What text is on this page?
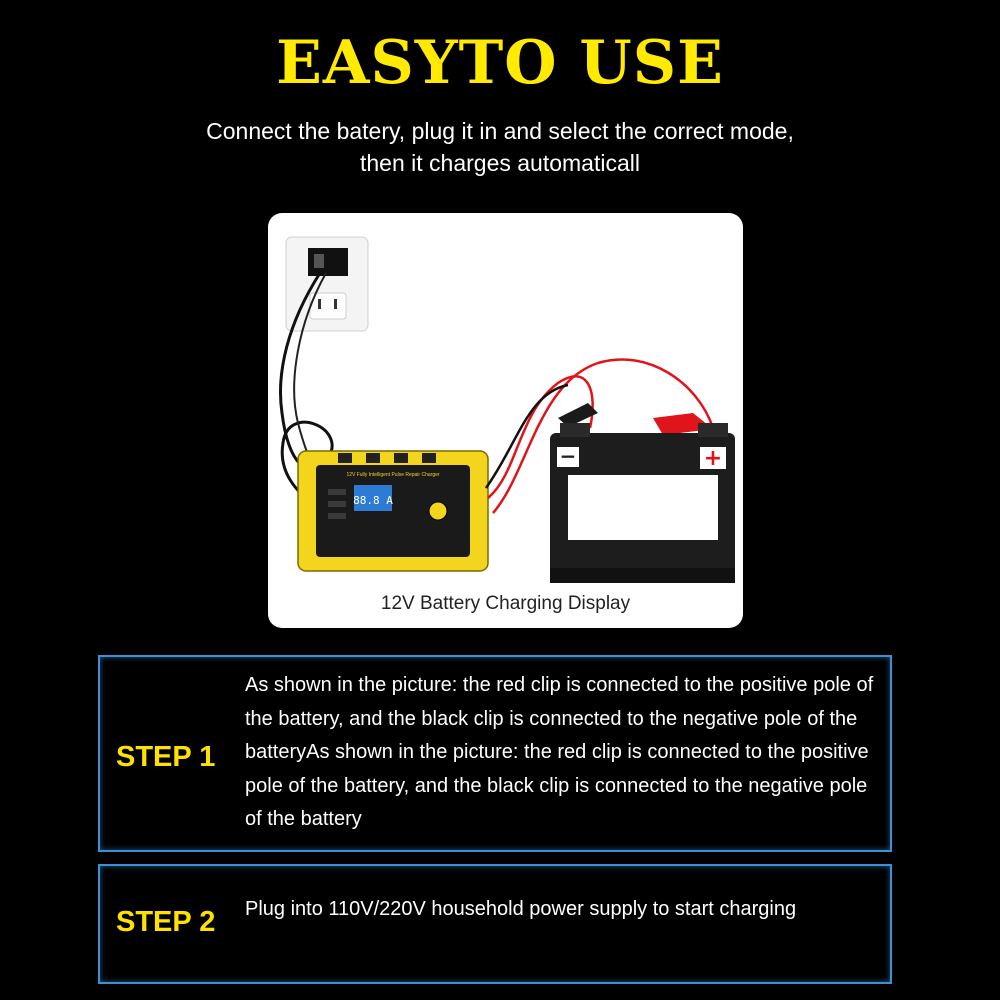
EASYTO USE
Connect the batery, plug it in and select the correct mode,
then it charges automaticall
12V Fully Intelligent Pulse Repair Charger
88.8 A
−	+
12V Battery Charging Display
STEP 1
As shown in the picture: the red clip is connected to the positive pole of the battery, and the black clip is connected to the negative pole of the batteryAs shown in the picture: the red clip is connected to the positive pole of the battery, and the black clip is connected to the negative pole of the battery
STEP 2 Plug into 110V/220V household power supply to start charging
